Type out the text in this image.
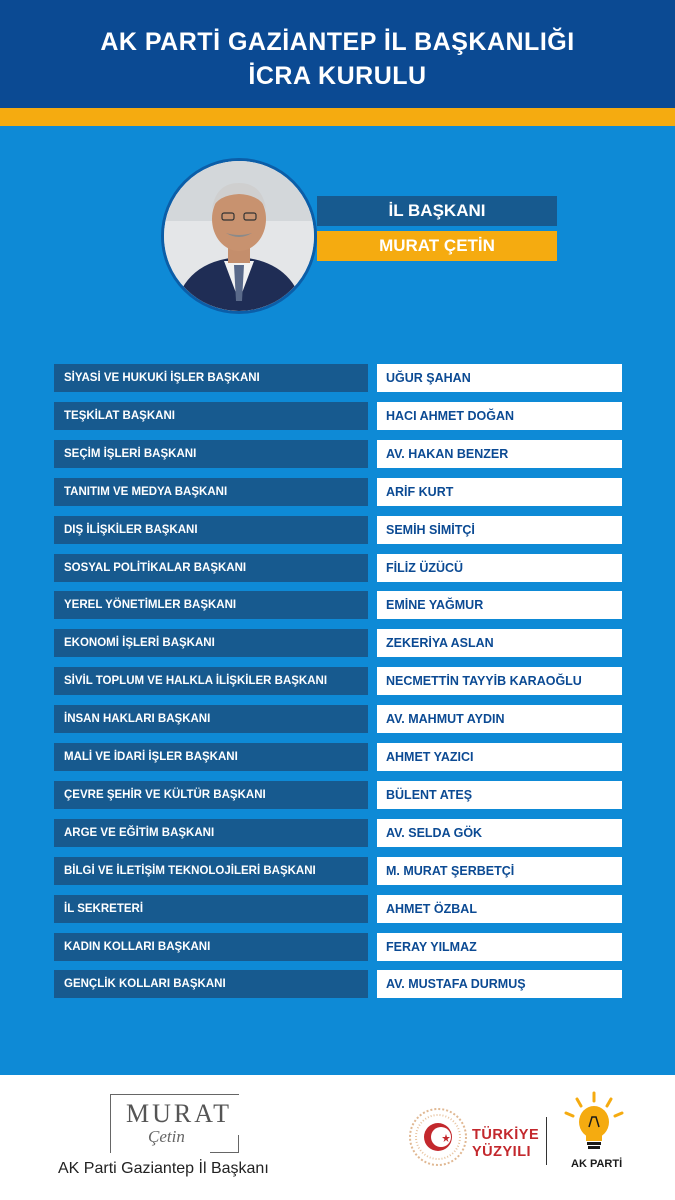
AK PARTİ GAZİANTEP İL BAŞKANLIĞI
İCRA KURULU
İL BAŞKANI
MURAT ÇETİN
SİYASİ VE HUKUKİ İŞLER BAŞKANI	UĞUR ŞAHAN
TEŞKİLAT BAŞKANI	HACI AHMET DOĞAN
SEÇİM İŞLERİ BAŞKANI	AV. HAKAN BENZER
TANITIM VE MEDYA BAŞKANI	ARİF KURT
DIŞ İLİŞKİLER BAŞKANI	SEMİH SİMİTÇİ
SOSYAL POLİTİKALAR BAŞKANI	FİLİZ ÜZÜCÜ
YEREL YÖNETİMLER BAŞKANI	EMİNE YAĞMUR
EKONOMİ İŞLERİ BAŞKANI	ZEKERİYA ASLAN
SİVİL TOPLUM VE HALKLA İLİŞKİLER BAŞKANI	NECMETTİN TAYYİB KARAOĞLU
İNSAN HAKLARI BAŞKANI	AV. MAHMUT AYDIN
MALİ VE İDARİ İŞLER BAŞKANI	AHMET YAZICI
ÇEVRE ŞEHİR VE KÜLTÜR BAŞKANI	BÜLENT ATEŞ
ARGE VE EĞİTİM BAŞKANI	AV. SELDA GÖK
BİLGİ VE İLETİŞİM TEKNOLOJİLERİ BAŞKANI	M. MURAT ŞERBETÇİ
İL SEKRETERİ	AHMET ÖZBAL
KADIN KOLLARI BAŞKANI	FERAY YILMAZ
GENÇLİK KOLLARI BAŞKANI	AV. MUSTAFA DURMUŞ
MURAT
Çetin
AK Parti Gaziantep İl Başkanı
TÜRKİYE
YÜZYILI
AK PARTİ
